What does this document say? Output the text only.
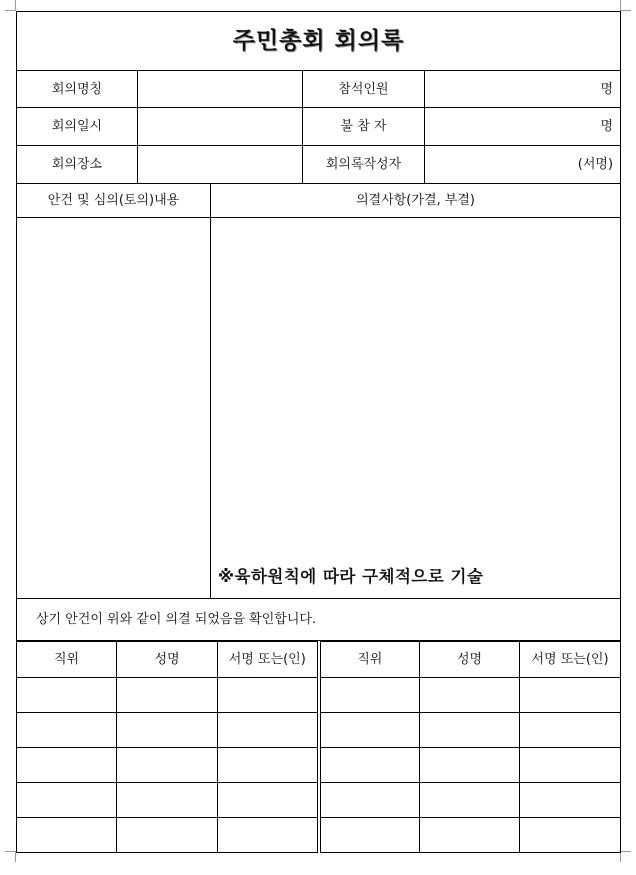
주민총회 회의록				
회의명칭			참석인원	명
회의일시			불 참 자	명
회의장소			회의록작성자	(서명)
안건 및 심의(토의)내용		의결사항(가결, 부결)		

		※육하원칙에 따라 구체적으로 기술		

상기 안건이 위와 같이 의결 되었음을 확인합니다.				
직위	성명	서명 또는(인)	직위	성명	서명 또는(인)
